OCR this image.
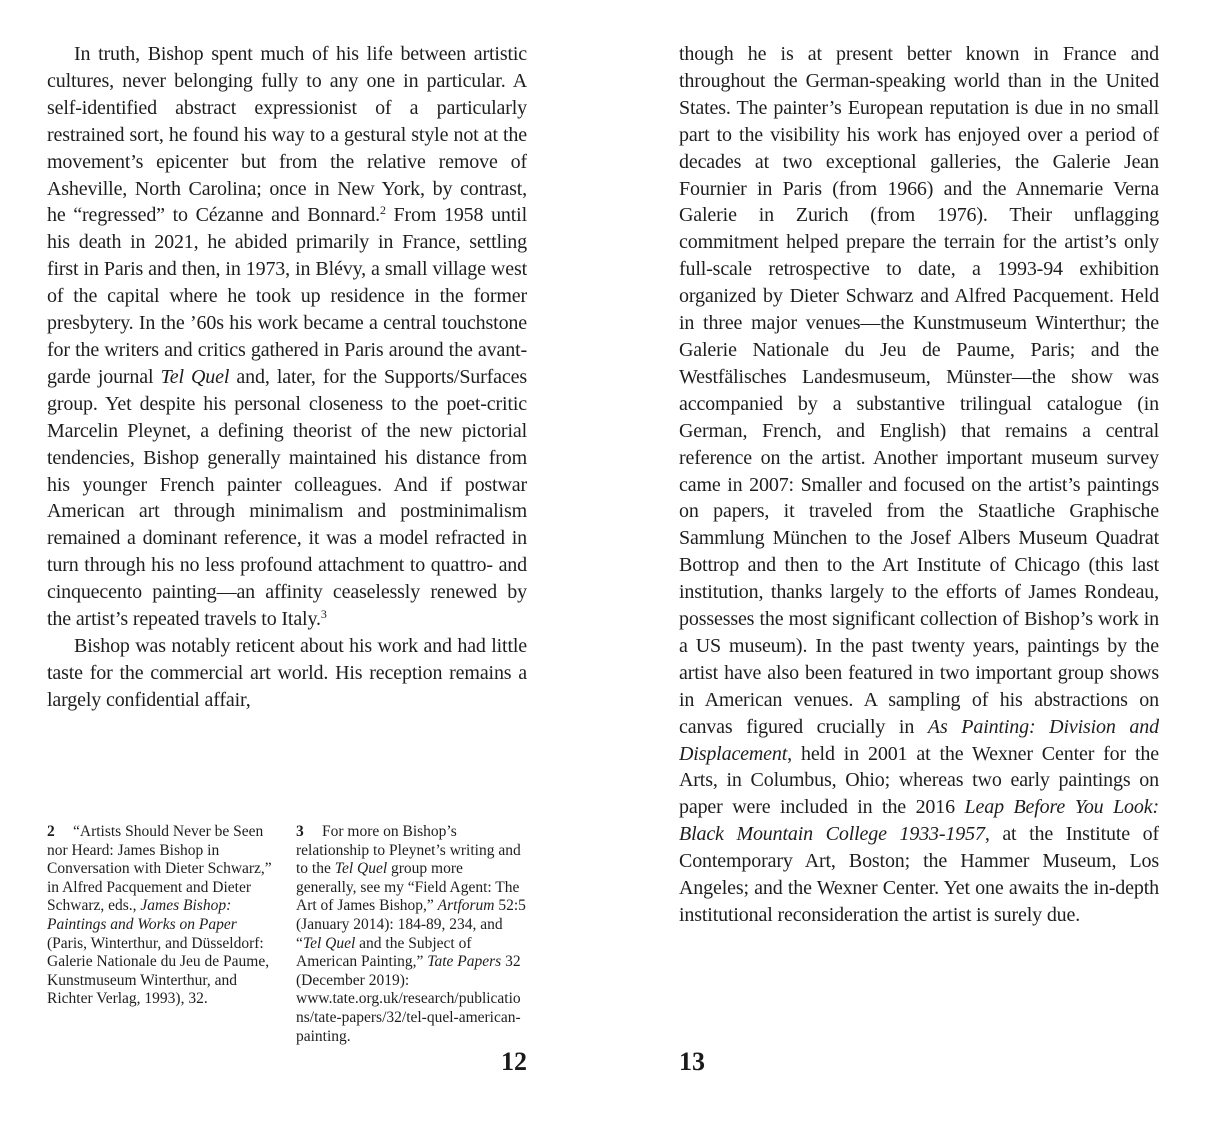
In truth, Bishop spent much of his life between artistic cultures, never belonging fully to any one in particular. A self-identified abstract expressionist of a particularly restrained sort, he found his way to a gestural style not at the movement’s epicenter but from the relative remove of Asheville, North Carolina; once in New York, by contrast, he “regressed” to Cézanne and Bonnard.$^2$ From 1958 until his death in 2021, he abided primarily in France, settling first in Paris and then, in 1973, in Blévy, a small village west of the capital where he took up residence in the former presbytery. In the ’60s his work became a central touchstone for the writers and critics gathered in Paris around the avant-garde journal Tel Quel and, later, for the Supports/Surfaces group. Yet despite his personal closeness to the poet-critic Marcelin Pleynet, a defining theorist of the new pictorial tendencies, Bishop generally maintained his distance from his younger French painter colleagues. And if postwar American art through minimalism and postminimalism remained a dominant reference, it was a model refracted in turn through his no less profound attachment to quattro- and cinquecento painting—an affinity ceaselessly renewed by the artist’s repeated travels to Italy.$^3$

Bishop was notably reticent about his work and had little taste for the commercial art world. His reception remains a largely confidential affair,

2 “Artists Should Never be Seen nor Heard: James Bishop in Conversation with Dieter Schwarz,” in Alfred Pacquement and Dieter Schwarz, eds., James Bishop: Paintings and Works on Paper (Paris, Winterthur, and Düsseldorf: Galerie Nationale du Jeu de Paume, Kunstmuseum Winterthur, and Richter Verlag, 1993), 32.
3 For more on Bishop’s relationship to Pleynet’s writing and to the Tel Quel group more generally, see my “Field Agent: The Art of James Bishop,” Artforum 52:5 (January 2014): 184-89, 234, and “Tel Quel and the Subject of American Painting,” Tate Papers 32 (December 2019): www.tate.org.uk/research/publications/tate-papers/32/tel-quel-american-painting.
12

though he is at present better known in France and throughout the German-speaking world than in the United States. The painter’s European reputation is due in no small part to the visibility his work has enjoyed over a period of decades at two exceptional galleries, the Galerie Jean Fournier in Paris (from 1966) and the Annemarie Verna Galerie in Zurich (from 1976). Their unflagging commitment helped prepare the terrain for the artist’s only full-scale retrospective to date, a 1993-94 exhibition organized by Dieter Schwarz and Alfred Pacquement. Held in three major venues—the Kunstmuseum Winterthur; the Galerie Nationale du Jeu de Paume, Paris; and the Westfälisches Landesmuseum, Münster—the show was accompanied by a substantive trilingual catalogue (in German, French, and English) that remains a central reference on the artist. Another important museum survey came in 2007: Smaller and focused on the artist’s paintings on papers, it traveled from the Staatliche Graphische Sammlung München to the Josef Albers Museum Quadrat Bottrop and then to the Art Institute of Chicago (this last institution, thanks largely to the efforts of James Rondeau, possesses the most significant collection of Bishop’s work in a US museum). In the past twenty years, paintings by the artist have also been featured in two important group shows in American venues. A sampling of his abstractions on canvas figured crucially in As Painting: Division and Displacement, held in 2001 at the Wexner Center for the Arts, in Columbus, Ohio; whereas two early paintings on paper were included in the 2016 Leap Before You Look: Black Mountain College 1933-1957, at the Institute of Contemporary Art, Boston; the Hammer Museum, Los Angeles; and the Wexner Center. Yet one awaits the in-depth institutional reconsideration the artist is surely due.

13
